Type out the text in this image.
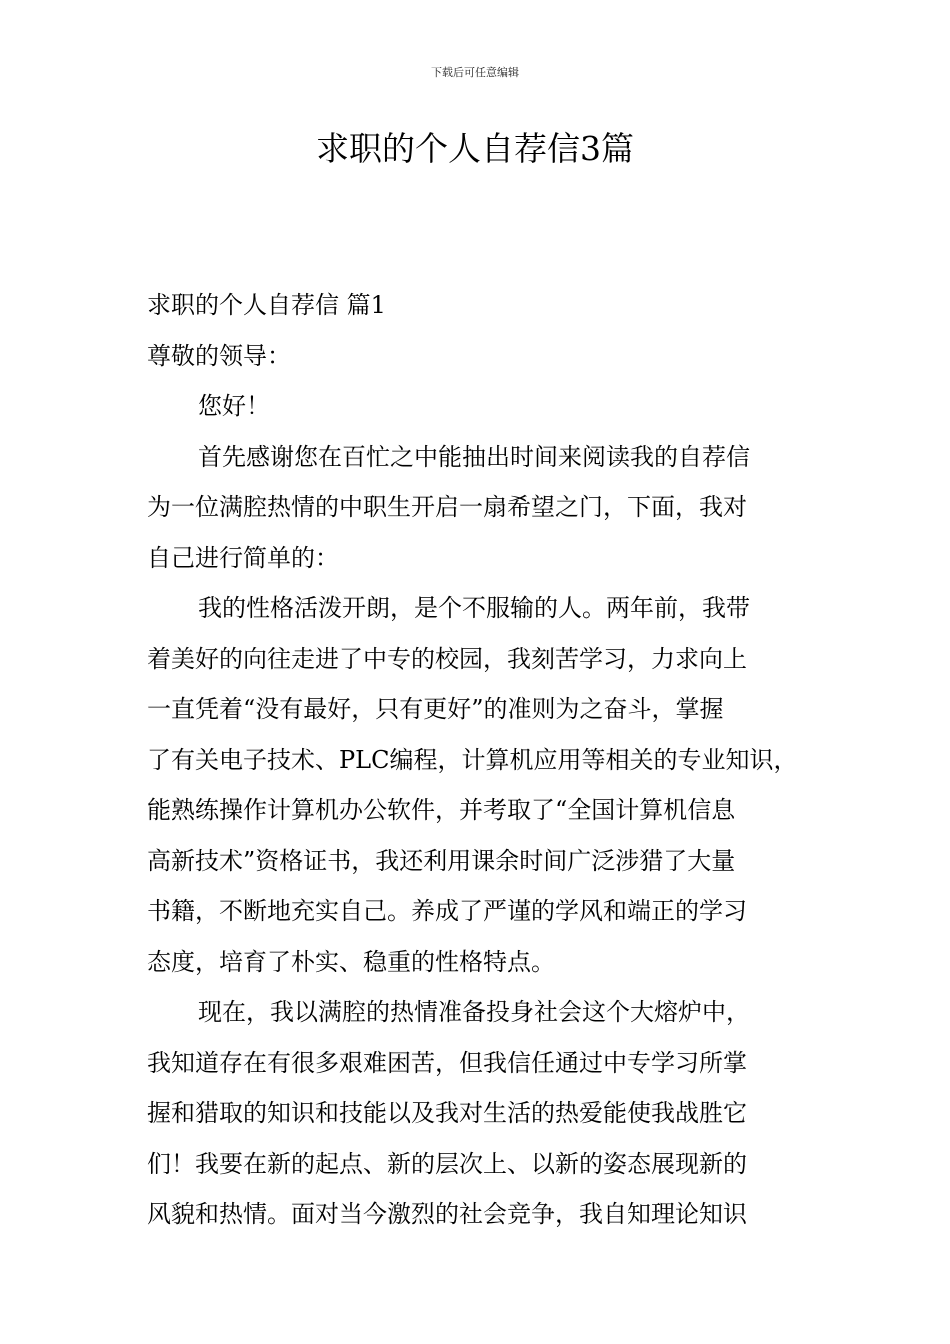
下载后可任意编辑
求职的个人自荐信3篇
求职的个人自荐信 篇1
尊敬的领导：
您好！
首先感谢您在百忙之中能抽出时间来阅读我的自荐信
为一位满腔热情的中职生开启一扇希望之门，下面，我对
自己进行简单的：
我的性格活泼开朗，是个不服输的人。两年前，我带
着美好的向往走进了中专的校园，我刻苦学习，力求向上
一直凭着“没有最好，只有更好”的准则为之奋斗，掌握
了有关电子技术、PLC编程，计算机应用等相关的专业知识，
能熟练操作计算机办公软件，并考取了“全国计算机信息
高新技术”资格证书，我还利用课余时间广泛涉猎了大量
书籍，不断地充实自己。养成了严谨的学风和端正的学习
态度，培育了朴实、稳重的性格特点。
现在，我以满腔的热情准备投身社会这个大熔炉中，
我知道存在有很多艰难困苦，但我信任通过中专学习所掌
握和猎取的知识和技能以及我对生活的热爱能使我战胜它
们！我要在新的起点、新的层次上、以新的姿态展现新的
风貌和热情。面对当今激烈的社会竞争，我自知理论知识
